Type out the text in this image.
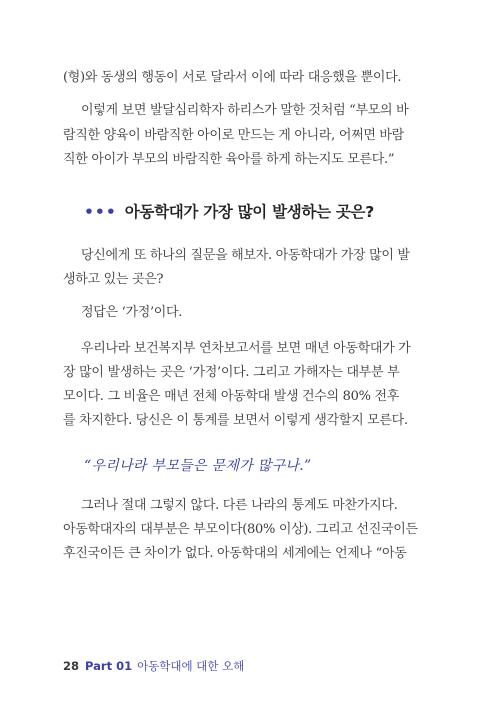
(형)와 동생의 행동이 서로 달라서 이에 따라 대응했을 뿐이다.
이렇게 보면 발달심리학자 하리스가 말한 것처럼 “부모의 바
람직한 양육이 바람직한 아이로 만드는 게 아니라, 어쩌면 바람
직한 아이가 부모의 바람직한 육아를 하게 하는지도 모른다.”
••• 아동학대가 가장 많이 발생하는 곳은?
당신에게 또 하나의 질문을 해보자. 아동학대가 가장 많이 발
생하고 있는 곳은?
정답은 ‘가정’이다.
우리나라 보건복지부 연차보고서를 보면 매년 아동학대가 가
장 많이 발생하는 곳은 ‘가정’이다. 그리고 가해자는 대부분 부
모이다. 그 비율은 매년 전체 아동학대 발생 건수의 80% 전후
를 차지한다. 당신은 이 통계를 보면서 이렇게 생각할지 모른다.
“우리나라 부모들은 문제가 많구나.”
그러나 절대 그렇지 않다. 다른 나라의 통계도 마찬가지다.
아동학대자의 대부분은 부모이다(80% 이상). 그리고 선진국이든
후진국이든 큰 차이가 없다. 아동학대의 세계에는 언제나 “아동
28 Part 01 아동학대에 대한 오해
